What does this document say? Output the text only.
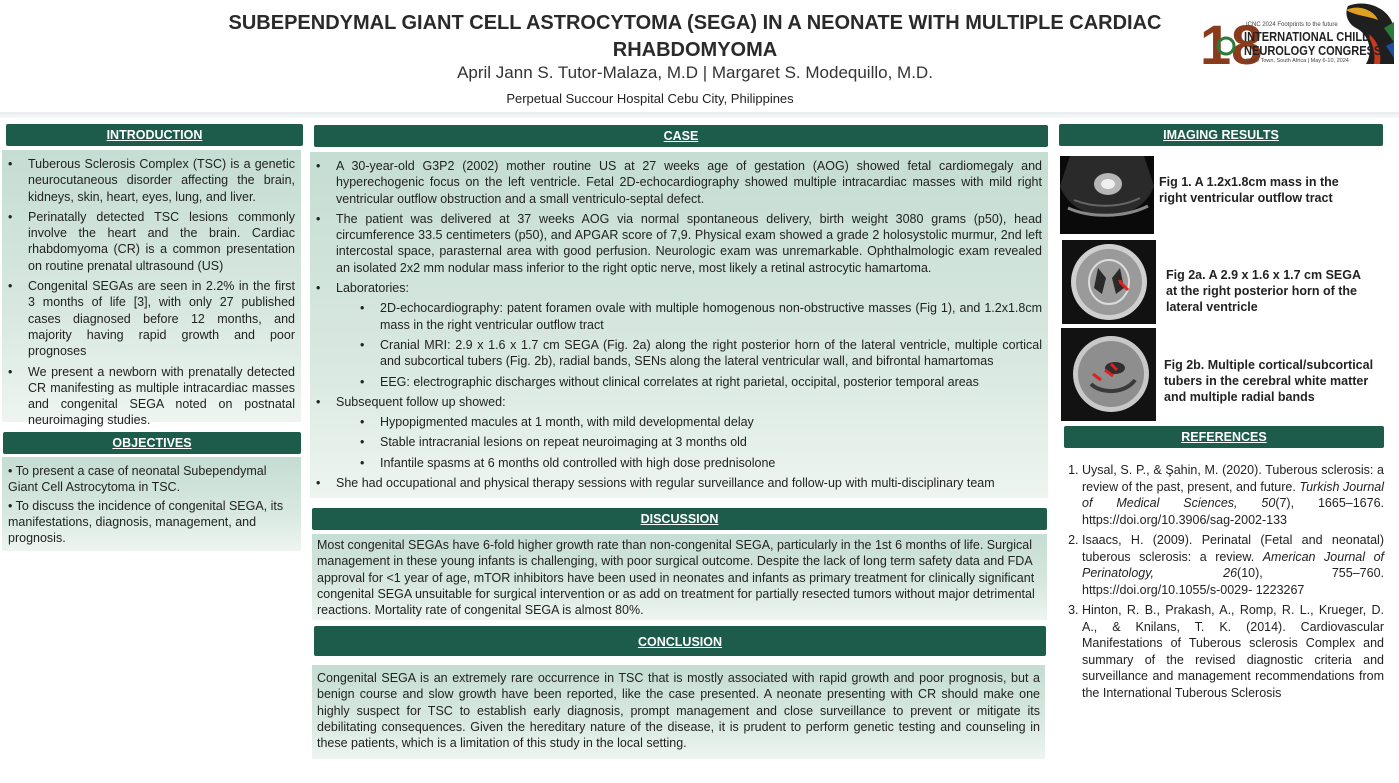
SUBEPENDYMAL GIANT CELL ASTROCYTOMA (SEGA) IN A NEONATE WITH MULTIPLE CARDIAC
RHABDOMYOMA
April Jann S. Tutor-Malaza, M.D | Margaret S. Modequillo, M.D.
Perpetual Succour Hospital Cebu City, Philippines
18
ICNC 2024 Footprints to the future
INTERNATIONAL CHILD
NEUROLOGY CONGRESS
Cape Town, South Africa | May 6-10, 2024
INTRODUCTION
• Tuberous Sclerosis Complex (TSC) is a genetic neurocutaneous disorder affecting the brain, kidneys, skin, heart, eyes, lung, and liver.
• Perinatally detected TSC lesions commonly involve the heart and the brain. Cardiac rhabdomyoma (CR) is a common presentation on routine prenatal ultrasound (US)
• Congenital SEGAs are seen in 2.2% in the first 3 months of life [3], with only 27 published cases diagnosed before 12 months, and majority having rapid growth and poor prognoses
• We present a newborn with prenatally detected CR manifesting as multiple intracardiac masses and congenital SEGA noted on postnatal neuroimaging studies.
OBJECTIVES
• To present a case of neonatal Subependymal Giant Cell Astrocytoma in TSC.
• To discuss the incidence of congenital SEGA, its manifestations, diagnosis, management, and prognosis.
CASE
• A 30-year-old G3P2 (2002) mother routine US at 27 weeks age of gestation (AOG) showed fetal cardiomegaly and hyperechogenic focus on the left ventricle. Fetal 2D-echocardiography showed multiple intracardiac masses with mild right ventricular outflow obstruction and a small ventriculo-septal defect.
• The patient was delivered at 37 weeks AOG via normal spontaneous delivery, birth weight 3080 grams (p50), head circumference 33.5 centimeters (p50), and APGAR score of 7,9. Physical exam showed a grade 2 holosystolic murmur, 2nd left intercostal space, parasternal area with good perfusion. Neurologic exam was unremarkable. Ophthalmologic exam revealed an isolated 2x2 mm nodular mass inferior to the right optic nerve, most likely a retinal astrocytic hamartoma.
• Laboratories:
• 2D-echocardiography: patent foramen ovale with multiple homogenous non-obstructive masses (Fig 1), and 1.2x1.8cm mass in the right ventricular outflow tract
• Cranial MRI: 2.9 x 1.6 x 1.7 cm SEGA (Fig. 2a) along the right posterior horn of the lateral ventricle, multiple cortical and subcortical tubers (Fig. 2b), radial bands, SENs along the lateral ventricular wall, and bifrontal hamartomas
• EEG: electrographic discharges without clinical correlates at right parietal, occipital, posterior temporal areas
• Subsequent follow up showed:
• Hypopigmented macules at 1 month, with mild developmental delay
• Stable intracranial lesions on repeat neuroimaging at 3 months old
• Infantile spasms at 6 months old controlled with high dose prednisolone
• She had occupational and physical therapy sessions with regular surveillance and follow-up with multi-disciplinary team
DISCUSSION
Most congenital SEGAs have 6-fold higher growth rate than non-congenital SEGA, particularly in the 1st 6 months of life. Surgical management in these young infants is challenging, with poor surgical outcome. Despite the lack of long term safety data and FDA approval for <1 year of age, mTOR inhibitors have been used in neonates and infants as primary treatment for clinically significant congenital SEGA unsuitable for surgical intervention or as add on treatment for partially resected tumors without major detrimental reactions. Mortality rate of congenital SEGA is almost 80%.
CONCLUSION
Congenital SEGA is an extremely rare occurrence in TSC that is mostly associated with rapid growth and poor prognosis, but a benign course and slow growth have been reported, like the case presented. A neonate presenting with CR should make one highly suspect for TSC to establish early diagnosis, prompt management and close surveillance to prevent or mitigate its debilitating consequences. Given the hereditary nature of the disease, it is prudent to perform genetic testing and counseling in these patients, which is a limitation of this study in the local setting.
IMAGING RESULTS
Fig 1. A 1.2x1.8cm mass in the right ventricular outflow tract
Fig 2a. A 2.9 x 1.6 x 1.7 cm SEGA at the right posterior horn of the lateral ventricle
Fig 2b. Multiple cortical/subcortical tubers in the cerebral white matter and multiple radial bands
REFERENCES
1. Uysal, S. P., & Şahin, M. (2020). Tuberous sclerosis: a review of the past, present, and future. Turkish Journal of Medical Sciences, 50(7), 1665–1676. https://doi.org/10.3906/sag-2002-133
2. Isaacs, H. (2009). Perinatal (Fetal and neonatal) tuberous sclerosis: a review. American Journal of Perinatology, 26(10), 755–760. https://doi.org/10.1055/s-0029- 1223267
3. Hinton, R. B., Prakash, A., Romp, R. L., Krueger, D. A., & Knilans, T. K. (2014). Cardiovascular Manifestations of Tuberous sclerosis Complex and summary of the revised diagnostic criteria and surveillance and management recommendations from the International Tuberous Sclerosis
